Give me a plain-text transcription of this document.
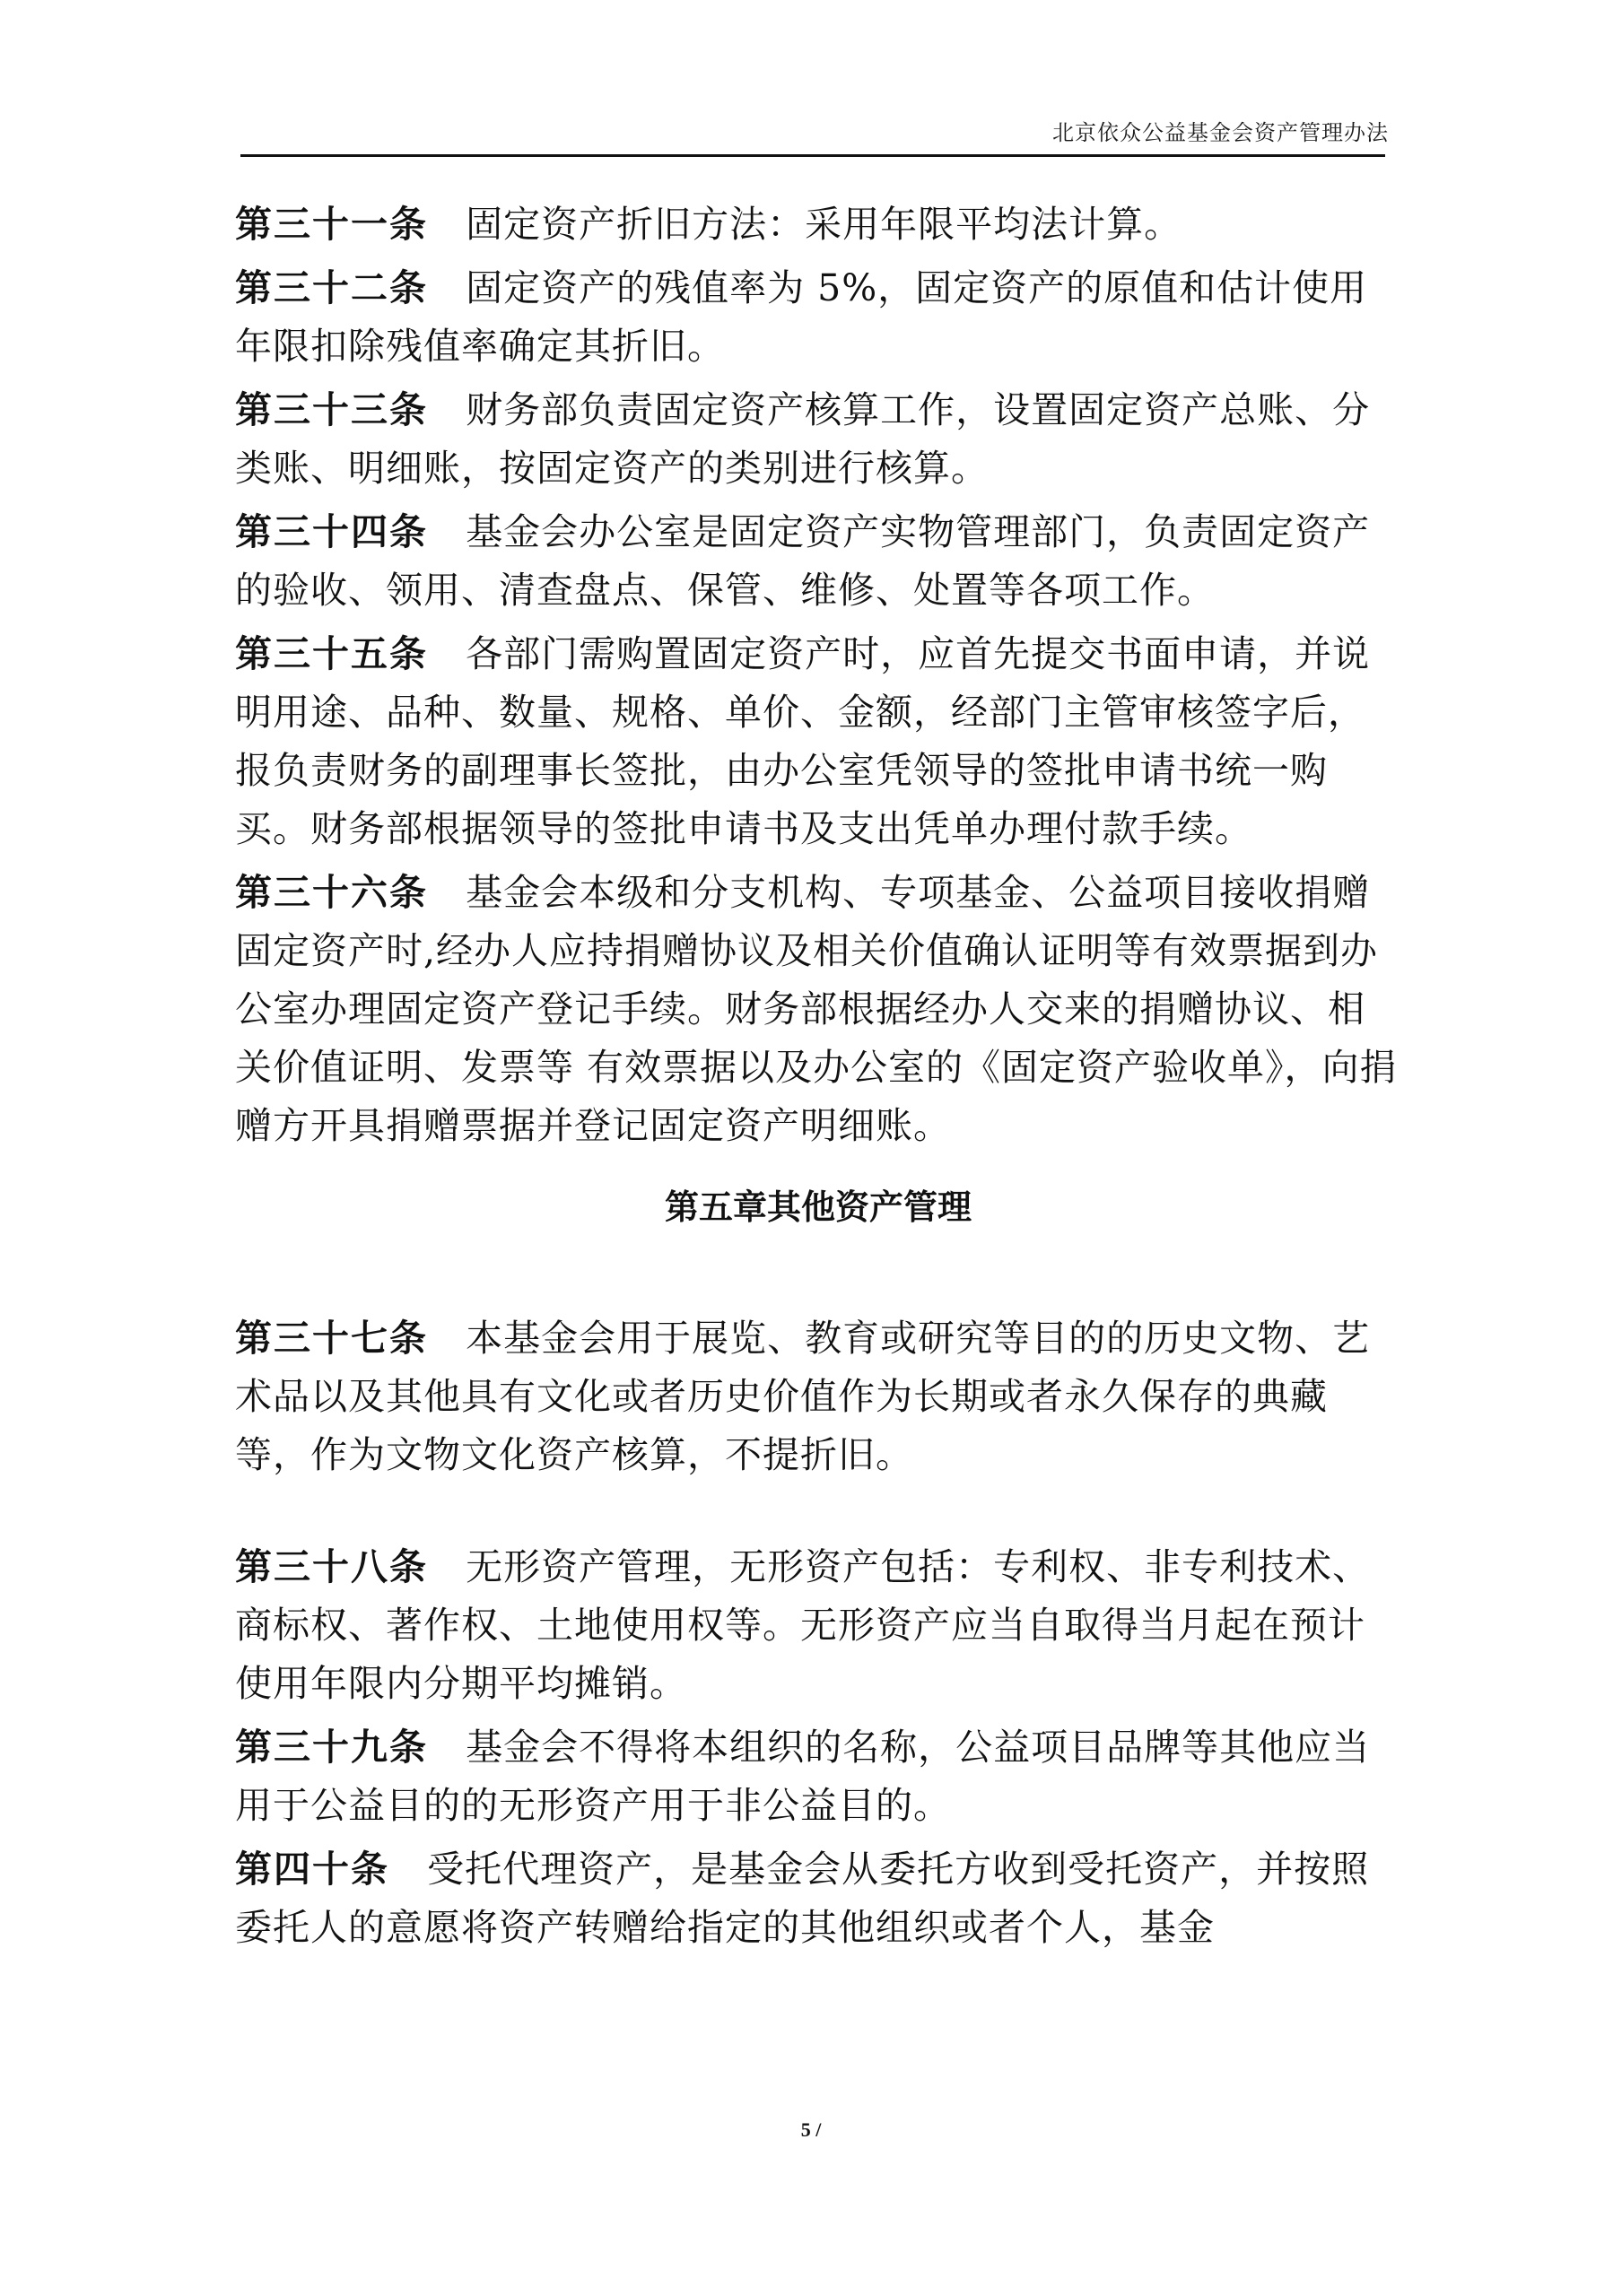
北京依众公益基金会资产管理办法

第三十一条 固定资产折旧方法：采用年限平均法计算。

第三十二条 固定资产的残值率为 5%，固定资产的原值和估计使用年限扣除残值率确定其折旧。

第三十三条 财务部负责固定资产核算工作，设置固定资产总账、分类账、明细账，按固定资产的类别进行核算。

第三十四条 基金会办公室是固定资产实物管理部门，负责固定资产的验收、领用、清查盘点、保管、维修、处置等各项工作。

第三十五条 各部门需购置固定资产时，应首先提交书面申请，并说明用途、品种、数量、规格、单价、金额，经部门主管审核签字后，报负责财务的副理事长签批，由办公室凭领导的签批申请书统一购买。财务部根据领导的签批申请书及支出凭单办理付款手续。

第三十六条 基金会本级和分支机构、专项基金、公益项目接收捐赠固定资产时,经办人应持捐赠协议及相关价值确认证明等有效票据到办公室办理固定资产登记手续。财务部根据经办人交来的捐赠协议、相关价值证明、发票等 有效票据以及办公室的《固定资产验收单》，向捐赠方开具捐赠票据并登记固定资产明细账。

第五章其他资产管理

第三十七条 本基金会用于展览、教育或研究等目的的历史文物、艺术品以及其他具有文化或者历史价值作为长期或者永久保存的典藏等，作为文物文化资产核算，不提折旧。

第三十八条 无形资产管理，无形资产包括：专利权、非专利技术、商标权、著作权、土地使用权等。无形资产应当自取得当月起在预计使用年限内分期平均摊销。

第三十九条 基金会不得将本组织的名称，公益项目品牌等其他应当用于公益目的的无形资产用于非公益目的。

第四十条 受托代理资产，是基金会从委托方收到受托资产，并按照委托人的意愿将资产转赠给指定的其他组织或者个人，基金

5 /
